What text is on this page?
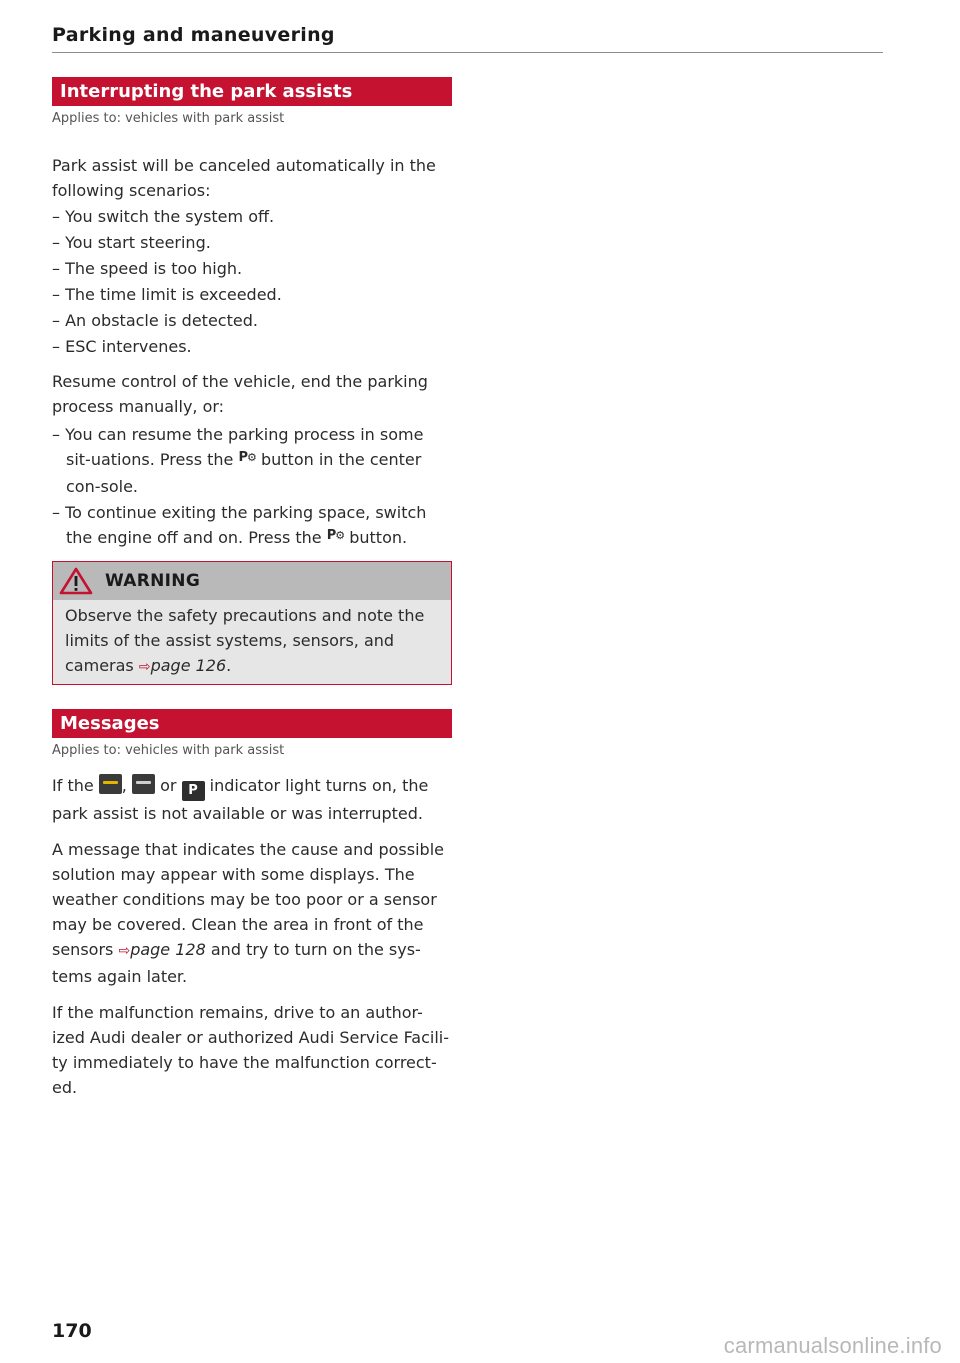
Parking and maneuvering
Interrupting the park assists
Applies to: vehicles with park assist

Park assist will be canceled automatically in the following scenarios:

– You switch the system off.
– You start steering.
– The speed is too high.
– The time limit is exceeded.
– An obstacle is detected.
– ESC intervenes.

Resume control of the vehicle, end the parking process manually, or:

– You can resume the parking process in some sit-uations. Press the $^{P⚙}$ button in the center con-sole.
– To continue exiting the parking space, switch the engine off and on. Press the $^{P⚙}$ button.
WARNING

Observe the safety precautions and note the limits of the assist systems, sensors, and cameras ⇨page 126.

Messages
Applies to: vehicles with park assist

If the , or P indicator light turns on, the park assist is not available or was interrupted.

A message that indicates the cause and possible solution may appear with some displays. The weather conditions may be too poor or a sensor may be covered. Clean the area in front of the sensors ⇨page 128 and try to turn on the sys-tems again later.

If the malfunction remains, drive to an author-ized Audi dealer or authorized Audi Service Facili-ty immediately to have the malfunction correct-ed.

170
carmanualsonline.info
